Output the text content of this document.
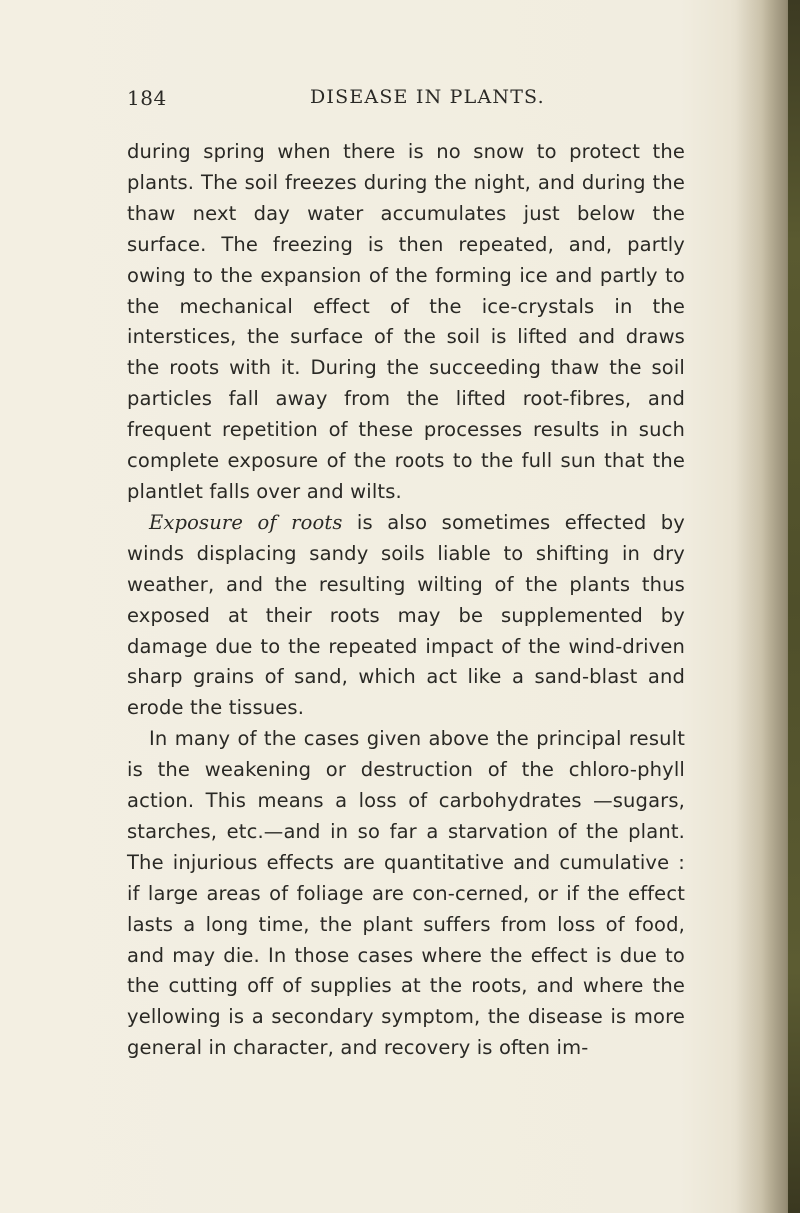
184	DISEASE IN PLANTS.

during spring when there is no snow to protect the plants. The soil freezes during the night, and during the thaw next day water accumulates just below the surface. The freezing is then repeated, and, partly owing to the expansion of the forming ice and partly to the mechanical effect of the ice-crystals in the interstices, the surface of the soil is lifted and draws the roots with it. During the succeeding thaw the soil particles fall away from the lifted root-fibres, and frequent repetition of these processes results in such complete exposure of the roots to the full sun that the plantlet falls over and wilts.

Exposure of roots is also sometimes effected by winds displacing sandy soils liable to shifting in dry weather, and the resulting wilting of the plants thus exposed at their roots may be supplemented by damage due to the repeated impact of the wind-driven sharp grains of sand, which act like a sand-blast and erode the tissues.

In many of the cases given above the principal result is the weakening or destruction of the chloro-phyll action. This means a loss of carbohydrates —sugars, starches, etc.—and in so far a starvation of the plant. The injurious effects are quantitative and cumulative : if large areas of foliage are con-cerned, or if the effect lasts a long time, the plant suffers from loss of food, and may die. In those cases where the effect is due to the cutting off of supplies at the roots, and where the yellowing is a secondary symptom, the disease is more general in character, and recovery is often im-
